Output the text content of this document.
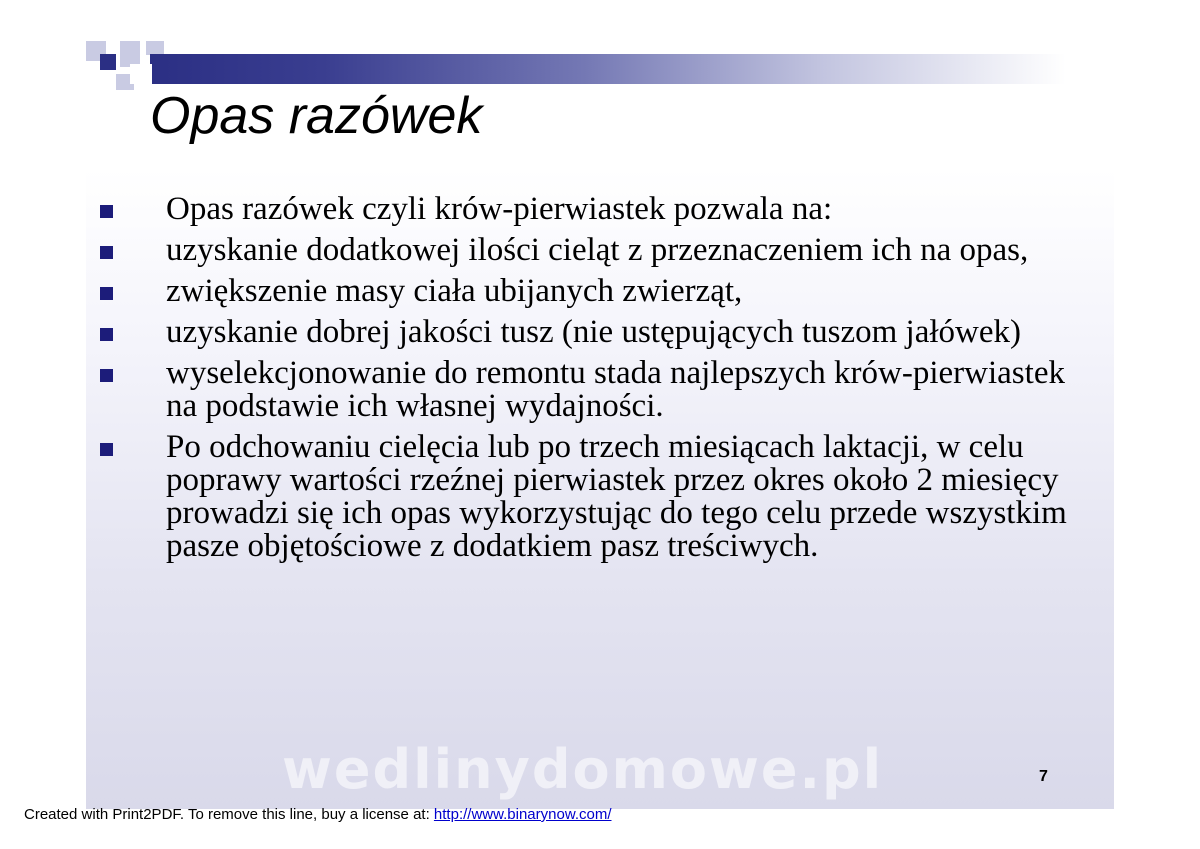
Opas razówek
Opas razówek czyli krów-pierwiastek pozwala na:
uzyskanie dodatkowej ilości cieląt z przeznaczeniem ich na opas,
zwiększenie masy ciała ubijanych zwierząt,
uzyskanie dobrej jakości tusz (nie ustępujących tuszom jałówek)
wyselekcjonowanie do remontu stada najlepszych krów-pierwiastek na podstawie ich własnej wydajności.
Po odchowaniu cielęcia lub po trzech miesiącach laktacji, w celu poprawy wartości rzeźnej pierwiastek przez okres około 2 miesięcy prowadzi się ich opas wykorzystując do tego celu przede wszystkim pasze objętościowe z dodatkiem pasz treściwych.
wedlinydomowe.pl	7
Created with Print2PDF. To remove this line, buy a license at: http://www.binarynow.com/
